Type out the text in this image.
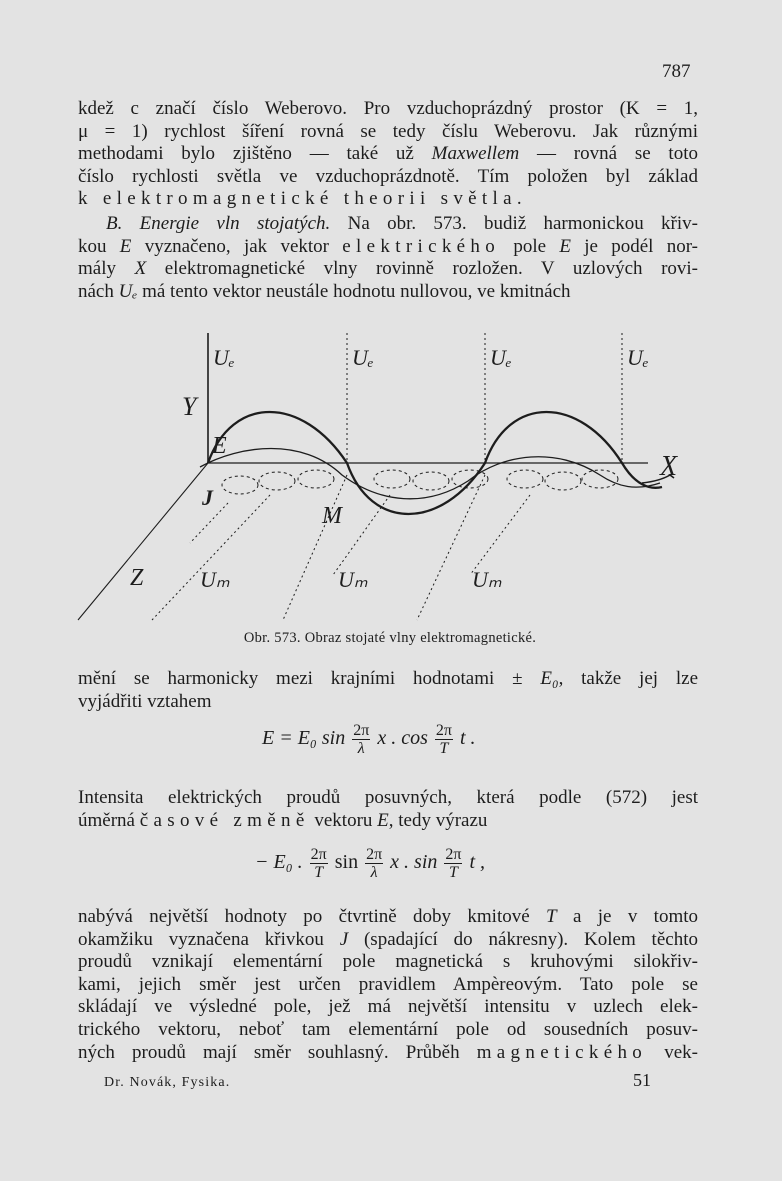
787
kdež c značí číslo Weberovo. Pro vzduchoprázdný prostor (K = 1,
μ = 1) rychlost šíření rovná se tedy číslu Weberovu. Jak různými
methodami bylo zjištěno — také už Maxwellem — rovná se toto
číslo rychlosti světla ve vzduchoprázdnotě. Tím položen byl základ
k elektromagnetické theorii světla.
B. Energie vln stojatých. Na obr. 573. budiž harmonickou křiv-
kou E vyznačeno, jak vektor elektrického pole E je podél nor-
mály X elektromagnetické vlny rovinně rozložen. V uzlových rovi-
nách Uₑ má tento vektor neustále hodnotu nullovou, ve kmitnách
Uₑ	Uₑ	Uₑ	Uₑ
Y
X
Z
E
J
M
Uₘ	Uₘ	Uₘ
Obr. 573. Obraz stojaté vlny elektromagnetické.
mění se harmonicky mezi krajními hodnotami ± E₀, takže jej lze
vyjádřiti vztahem
E = E₀ $\sin \frac{2\pi}{\lambda}$ x . $\cos \frac{2\pi}{T}$ t .
Intensita elektrických proudů posuvných, která podle (572) jest
úměrná časové změně vektoru E, tedy výrazu
− E₀ . $\frac{2\pi}{T}$ $\sin \frac{2\pi}{\lambda}$ x . $\sin \frac{2\pi}{T}$ t ,
nabývá největší hodnoty po čtvrtině doby kmitové T a je v tomto
okamžiku vyznačena křivkou J (spadající do nákresny). Kolem těchto
proudů vznikají elementární pole magnetická s kruhovými silokřiv-
kami, jejich směr jest určen pravidlem Ampèreovým. Tato pole se
skládají ve výsledné pole, jež má největší intensitu v uzlech elek-
trického vektoru, neboť tam elementární pole od sousedních posuv-
ných proudů mají směr souhlasný. Průběh magnetického vek-
Dr. Novák, Fysika.	51
